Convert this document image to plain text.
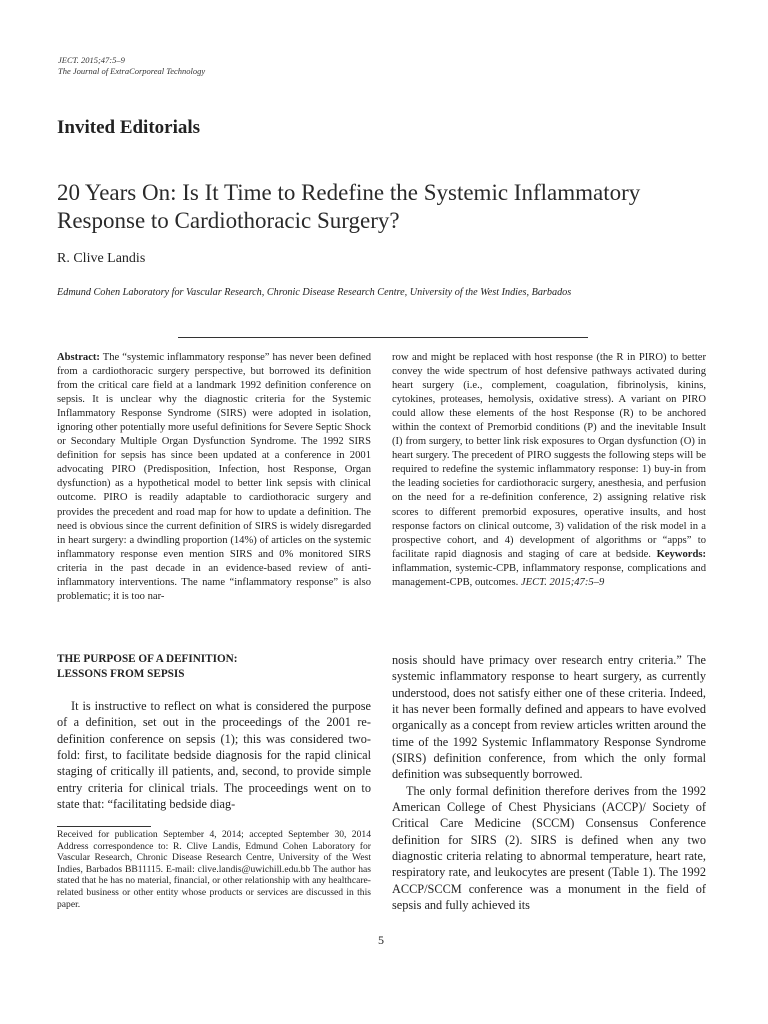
JECT. 2015;47:5–9
The Journal of ExtraCorporeal Technology
Invited Editorials
20 Years On: Is It Time to Redefine the Systemic Inflammatory
Response to Cardiothoracic Surgery?
R. Clive Landis
Edmund Cohen Laboratory for Vascular Research, Chronic Disease Research Centre, University of the West Indies, Barbados
Abstract: The “systemic inflammatory response” has never been defined from a cardiothoracic surgery perspective, but borrowed its definition from the critical care field at a landmark 1992 definition conference on sepsis. It is unclear why the diagnostic criteria for the Systemic Inflammatory Response Syndrome (SIRS) were adopted in isolation, ignoring other potentially more useful definitions for Severe Septic Shock or Secondary Multiple Organ Dysfunction Syndrome. The 1992 SIRS definition for sepsis has since been updated at a conference in 2001 advocating PIRO (Predisposition, Infection, host Response, Organ dysfunction) as a hypothetical model to better link sepsis with clinical outcome. PIRO is readily adaptable to cardiothoracic surgery and provides the precedent and road map for how to update a definition. The need is obvious since the current definition of SIRS is widely disregarded in heart surgery: a dwindling proportion (14%) of articles on the systemic inflammatory response even mention SIRS and 0% monitored SIRS criteria in the past decade in an evidence-based review of anti-inflammatory interventions. The name “inflammatory response” is also problematic; it is too nar-
row and might be replaced with host response (the R in PIRO) to better convey the wide spectrum of host defensive pathways activated during heart surgery (i.e., complement, coagulation, fibrinolysis, kinins, cytokines, proteases, hemolysis, oxidative stress). A variant on PIRO could allow these elements of the host Response (R) to be anchored within the context of Premorbid conditions (P) and the inevitable Insult (I) from surgery, to better link risk exposures to Organ dysfunction (O) in heart surgery. The precedent of PIRO suggests the following steps will be required to redefine the systemic inflammatory response: 1) buy-in from the leading societies for cardiothoracic surgery, anesthesia, and perfusion on the need for a re-definition conference, 2) assigning relative risk scores to different premorbid exposures, operative insults, and host response factors on clinical outcome, 3) validation of the risk model in a prospective cohort, and 4) development of algorithms or “apps” to facilitate rapid diagnosis and staging of care at bedside. Keywords: inflammation, systemic-CPB, inflammatory response, complications and management-CPB, outcomes. JECT. 2015;47:5–9
THE PURPOSE OF A DEFINITION:
LESSONS FROM SEPSIS

It is instructive to reflect on what is considered the purpose of a definition, set out in the proceedings of the 2001 re-definition conference on sepsis (1); this was considered two-fold: first, to facilitate bedside diagnosis for the rapid clinical staging of critically ill patients, and, second, to provide simple entry criteria for clinical trials. The proceedings went on to state that: “facilitating bedside diag-

Received for publication September 4, 2014; accepted September 30, 2014 Address correspondence to: R. Clive Landis, Edmund Cohen Laboratory for Vascular Research, Chronic Disease Research Centre, University of the West Indies, Barbados BB11115. E-mail: clive.landis@uwichill.edu.bb The author has stated that he has no material, financial, or other relationship with any healthcare-related business or other entity whose products or services are discussed in this paper.

nosis should have primacy over research entry criteria.” The systemic inflammatory response to heart surgery, as currently understood, does not satisfy either one of these criteria. Indeed, it has never been formally defined and appears to have evolved organically as a concept from review articles written around the time of the 1992 Systemic Inflammatory Response Syndrome (SIRS) definition conference, from which the only formal definition was subsequently borrowed.

The only formal definition therefore derives from the 1992 American College of Chest Physicians (ACCP)/ Society of Critical Care Medicine (SCCM) Consensus Conference definition for SIRS (2). SIRS is defined when any two diagnostic criteria relating to abnormal temperature, heart rate, respiratory rate, and leukocytes are present (Table 1). The 1992 ACCP/SCCM conference was a monument in the field of sepsis and fully achieved its

5
